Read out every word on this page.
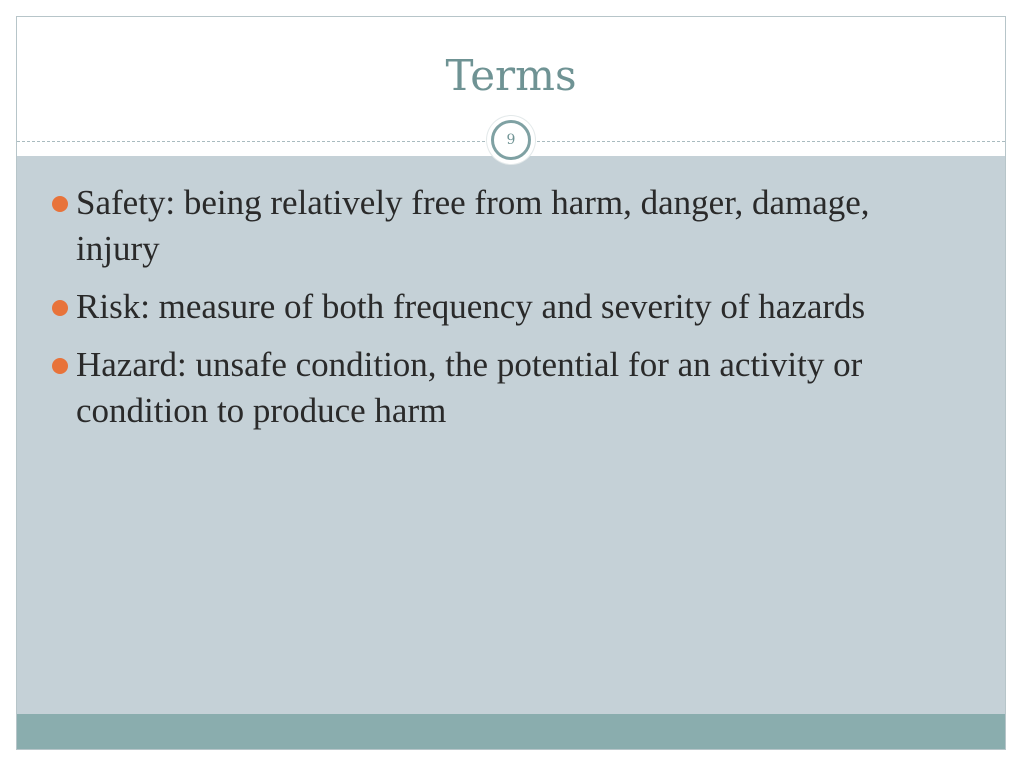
Terms
9
Safety: being relatively free from harm, danger, damage, injury
Risk: measure of both frequency and severity of hazards
Hazard: unsafe condition, the potential for an activity or condition to produce harm
